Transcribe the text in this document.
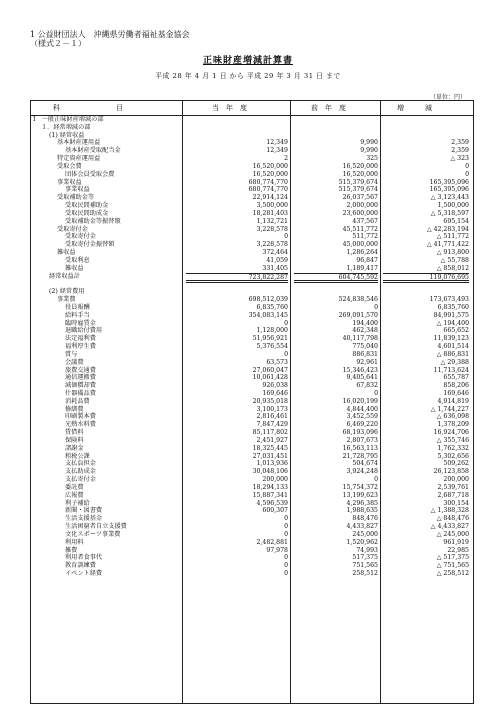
1 公益財団法人　沖縄県労働者福祉基金協会
（様式２－１）
正味財産増減計算書
平成 28 年 4 月 1 日 から 平成 29 年 3 月 31 日 まで
（単位：円）
科　　　　　　　　目	当　年　度	前　年　度	増　　　減
Ⅰ　一般正味財産増減の部
１．経常増減の部
(1) 経常収益
基本財産運用益	12,349	9,990	2,359
基本財産受取配当金	12,349	9,990	2,359
特定資産運用益	2	325	△ 323
受取会費	16,520,000	16,520,000	0
団体会員受取会費	16,520,000	16,520,000	0
事業収益	680,774,770	515,379,674	165,395,096
事業収益	680,774,770	515,379,674	165,395,096
受取補助金等	22,914,124	26,037,567	△ 3,123,443
受取民間補助金	3,500,000	2,000,000	1,500,000
受取民間助成金	18,281,403	23,600,000	△ 5,318,597
受取補助金等振替額	1,132,721	437,567	695,154
受取寄付金	3,228,578	45,511,772	△ 42,283,194
受取寄付金	0	511,772	△ 511,772
受取寄付金振替額	3,228,578	45,000,000	△ 41,771,422
雑収益	372,464	1,286,264	△ 913,800
受取利息	41,059	96,847	△ 55,788
雑収益	331,405	1,189,417	△ 858,012
経常収益計	723,822,287	604,745,592	119,076,695
(2) 経常費用
事業費	698,512,039	524,838,546	173,673,493
役員報酬	6,835,760	0	6,835,760
給料手当	354,083,145	269,091,570	84,991,575
臨時雇賃金	0	194,400	△ 194,400
退職給付費用	1,128,000	462,348	665,652
法定福利費	51,956,921	40,117,798	11,839,123
福利厚生費	5,376,554	775,040	4,601,514
賞与	0	886,831	△ 886,831
会議費	63,573	92,961	△ 29,388
旅費交通費	27,060,047	15,346,423	11,713,624
通信運搬費	10,061,428	9,405,641	655,787
減価償却費	926,038	67,832	858,206
什器備品費	169,646	0	169,646
消耗品費	20,935,018	16,020,199	4,914,819
修繕費	3,100,173	4,844,400	△ 1,744,227
印刷製本費	2,816,461	3,452,559	△ 636,098
光熱水料費	7,847,429	6,469,220	1,378,209
賃借料	85,117,802	68,193,096	16,924,706
保険料	2,451,927	2,807,673	△ 355,746
諸謝金	18,325,445	16,563,113	1,762,332
租税公課	27,031,451	21,728,795	5,302,656
支払負担金	1,013,936	504,674	509,262
支払助成金	30,048,106	3,924,248	26,123,858
支払寄付金	200,000	0	200,000
委託費	18,294,133	15,754,372	2,539,761
広報費	15,887,341	13,199,623	2,687,718
利子補給	4,596,539	4,296,385	300,154
新聞・図書費	600,307	1,988,635	△ 1,388,328
生活支援基金	0	848,476	△ 848,476
生活困窮者自立支援費	0	4,433,827	△ 4,433,827
文化スポーツ事業費	0	245,000	△ 245,000
利用料	2,482,881	1,520,962	961,919
雑費	97,978	74,993	22,985
利用者食事代	0	517,375	△ 517,375
教育訓練費	0	751,565	△ 751,565
イベント経費	0	258,512	△ 258,512
